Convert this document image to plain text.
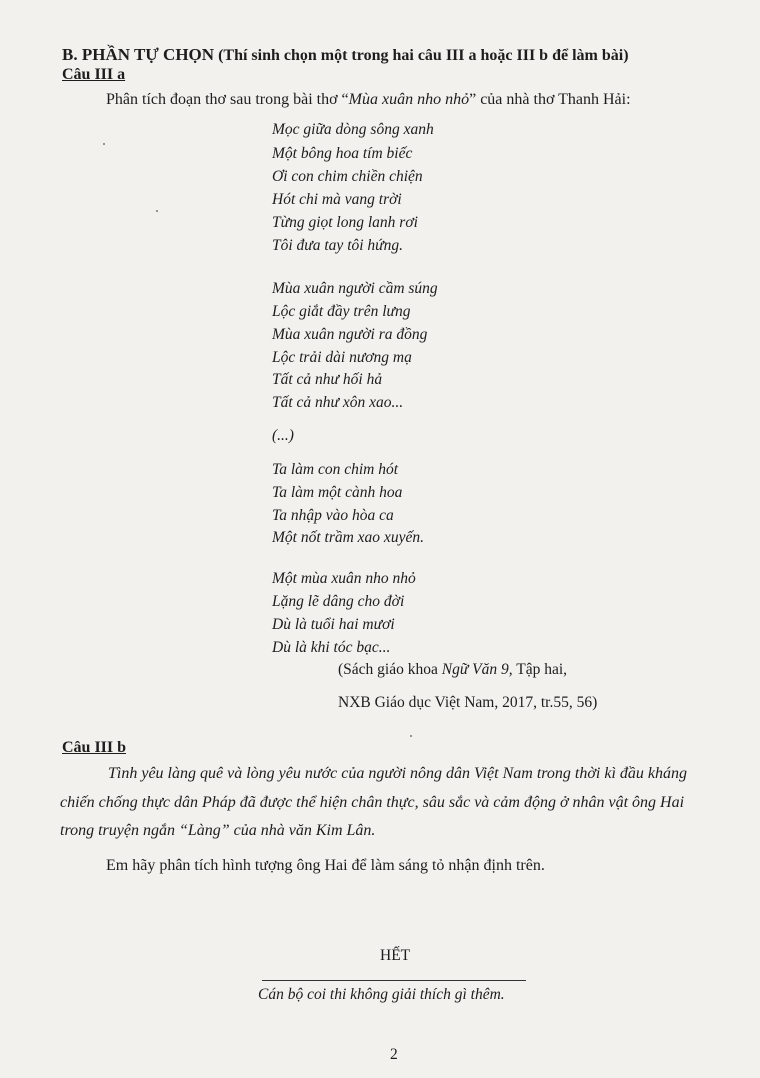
B. PHẦN TỰ CHỌN (Thí sinh chọn một trong hai câu III a hoặc III b để làm bài)
Câu III a
Phân tích đoạn thơ sau trong bài thơ “Mùa xuân nho nhỏ” của nhà thơ Thanh Hải:
Mọc giữa dòng sông xanh
Một bông hoa tím biếc
Ơi con chim chiền chiện
Hót chi mà vang trời
Từng giọt long lanh rơi
Tôi đưa tay tôi hứng.
Mùa xuân người cầm súng
Lộc giắt đầy trên lưng
Mùa xuân người ra đồng
Lộc trải dài nương mạ
Tất cả như hối hả
Tất cả như xôn xao...
(...)
Ta làm con chim hót
Ta làm một cành hoa
Ta nhập vào hòa ca
Một nốt trầm xao xuyến.
Một mùa xuân nho nhỏ
Lặng lẽ dâng cho đời
Dù là tuổi hai mươi
Dù là khi tóc bạc...
(Sách giáo khoa Ngữ Văn 9, Tập hai,
NXB Giáo dục Việt Nam, 2017, tr.55, 56)
Câu III b
Tình yêu làng quê và lòng yêu nước của người nông dân Việt Nam trong thời kì đầu kháng
chiến chống thực dân Pháp đã được thể hiện chân thực, sâu sắc và cảm động ở nhân vật ông Hai
trong truyện ngắn “Làng” của nhà văn Kim Lân.
Em hãy phân tích hình tượng ông Hai để làm sáng tỏ nhận định trên.
HẾT
Cán bộ coi thi không giải thích gì thêm.
2
